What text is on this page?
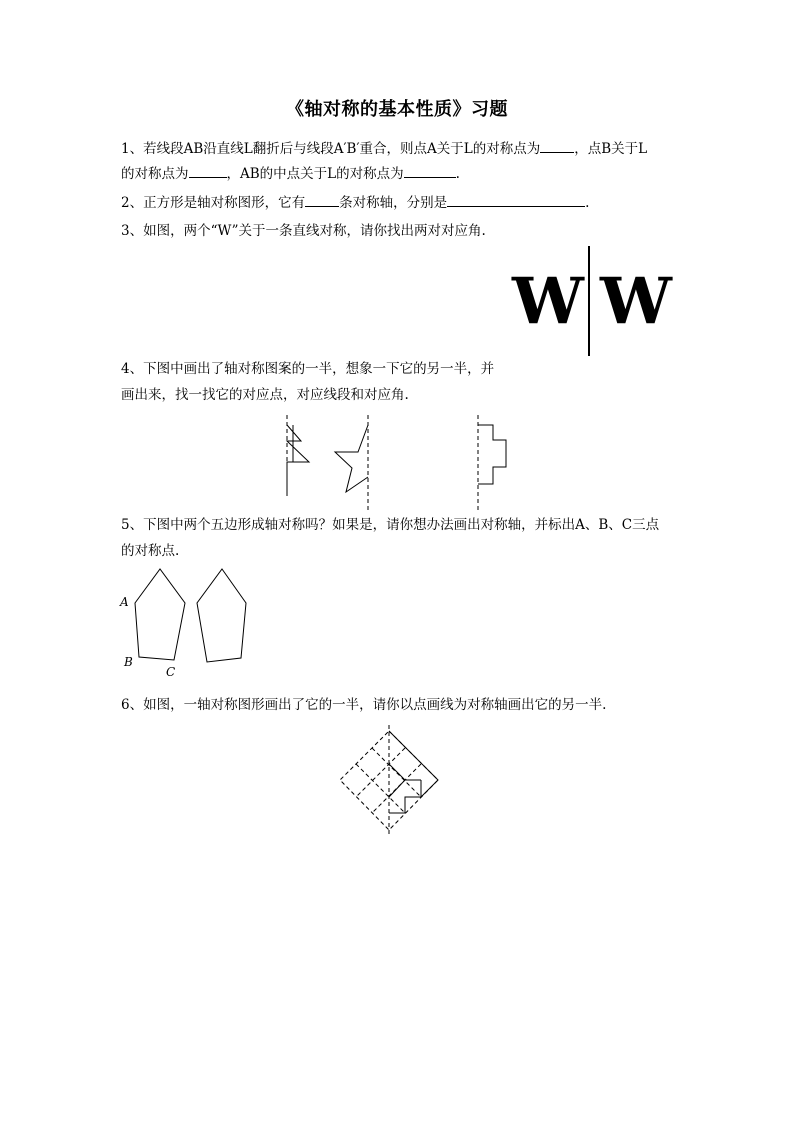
《轴对称的基本性质》习题
1、若线段AB沿直线L翻折后与线段A′B′重合，则点A关于L的对称点为	，点B关于L
的对称点为	，AB的中点关于L的对称点为	.
2、正方形是轴对称图形，它有	条对称轴，分别是	.
3、如图，两个“W”关于一条直线对称，请你找出两对对应角.
W W
4、下图中画出了轴对称图案的一半，想象一下它的另一半，并
画出来，找一找它的对应点，对应线段和对应角.
5、下图中两个五边形成轴对称吗？如果是，请你想办法画出对称轴，并标出A、B、C三点
的对称点.
A
B
C
6、如图，一轴对称图形画出了它的一半，请你以点画线为对称轴画出它的另一半.
